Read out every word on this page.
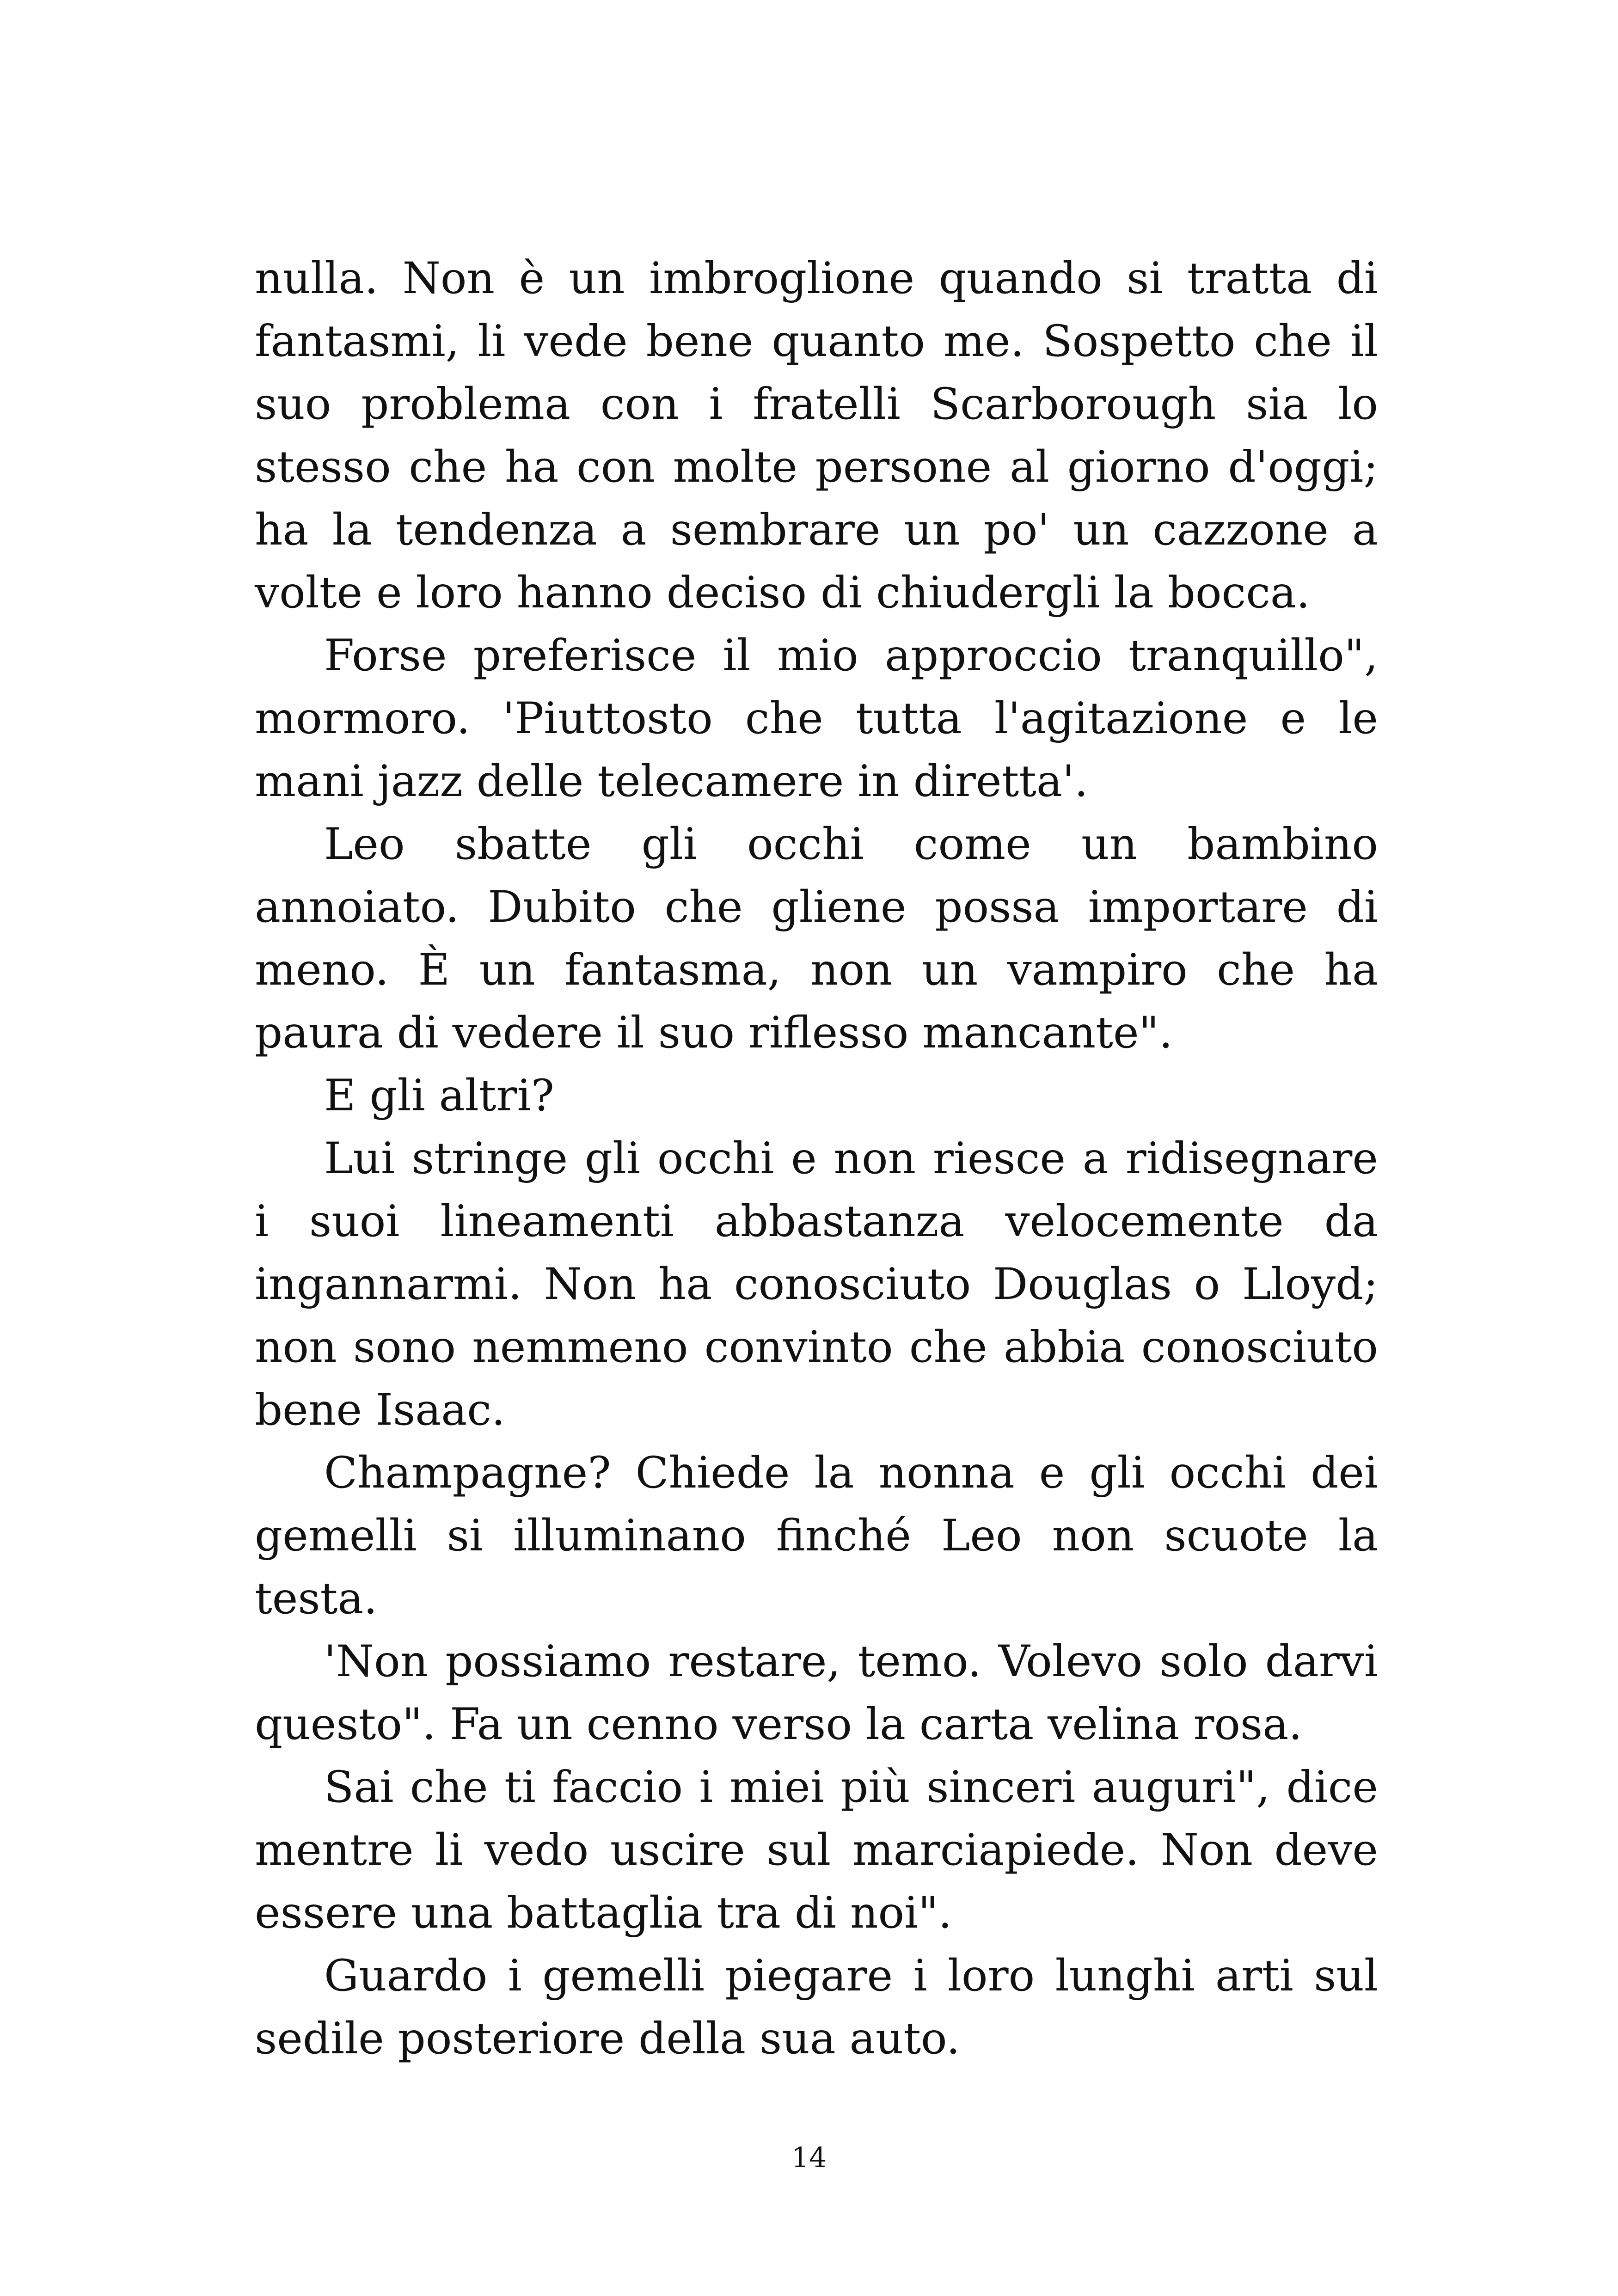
nulla. Non è un imbroglione quando si tratta di fantasmi, li vede bene quanto me. Sospetto che il suo problema con i fratelli Scarborough sia lo stesso che ha con molte persone al giorno d'oggi; ha la tendenza a sembrare un po' un cazzone a volte e loro hanno deciso di chiudergli la bocca.

Forse preferisce il mio approccio tranquillo", mormoro. 'Piuttosto che tutta l'agitazione e le mani jazz delle telecamere in diretta'.

Leo sbatte gli occhi come un bambino annoiato. Dubito che gliene possa importare di meno. È un fantasma, non un vampiro che ha paura di vedere il suo riflesso mancante".

E gli altri?

Lui stringe gli occhi e non riesce a ridisegnare i suoi lineamenti abbastanza velocemente da ingannarmi. Non ha conosciuto Douglas o Lloyd; non sono nemmeno convinto che abbia conosciuto bene Isaac.

Champagne? Chiede la nonna e gli occhi dei gemelli si illuminano finché Leo non scuote la testa.

'Non possiamo restare, temo. Volevo solo darvi questo". Fa un cenno verso la carta velina rosa.

Sai che ti faccio i miei più sinceri auguri", dice mentre li vedo uscire sul marciapiede. Non deve essere una battaglia tra di noi".

Guardo i gemelli piegare i loro lunghi arti sul sedile posteriore della sua auto.

14
